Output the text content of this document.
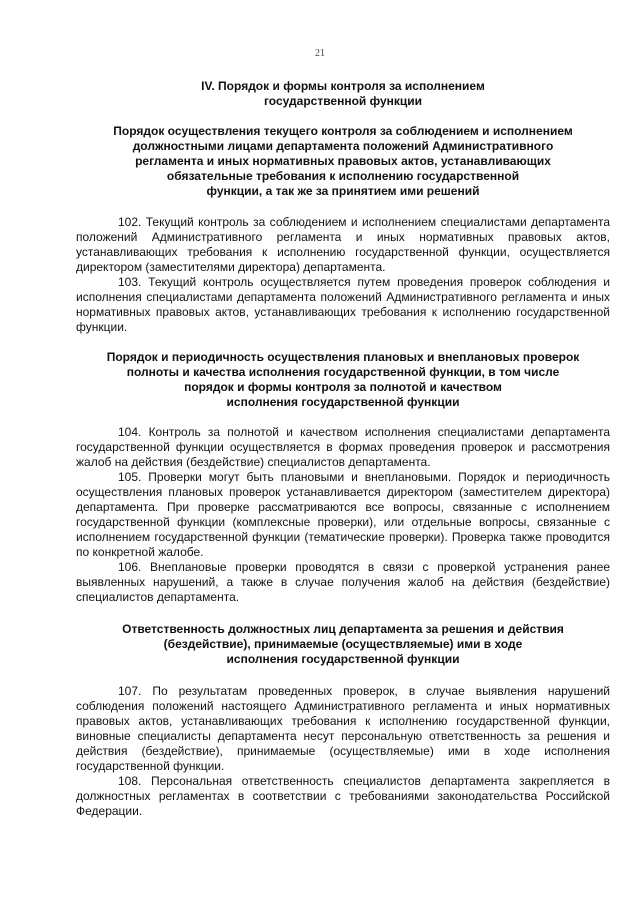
21
IV. Порядок и формы контроля за исполнением
государственной функции
Порядок осуществления текущего контроля за соблюдением и исполнением
должностными лицами департамента положений Административного
регламента и иных нормативных правовых актов, устанавливающих
обязательные требования к исполнению государственной
функции, а так же за принятием ими решений
102. Текущий контроль за соблюдением и исполнением специалистами департамента положений Административного регламента и иных нормативных правовых актов, устанавливающих требования к исполнению государственной функции, осуществляется директором (заместителями директора) департамента.
103. Текущий контроль осуществляется путем проведения проверок соблюдения и исполнения специалистами департамента положений Административного регламента и иных нормативных правовых актов, устанавливающих требования к исполнению государственной функции.
Порядок и периодичность осуществления плановых и внеплановых проверок
полноты и качества исполнения государственной функции, в том числе
порядок и формы контроля за полнотой и качеством
исполнения государственной функции
104. Контроль за полнотой и качеством исполнения специалистами департамента государственной функции осуществляется в формах проведения проверок и рассмотрения жалоб на действия (бездействие) специалистов департамента.
105. Проверки могут быть плановыми и внеплановыми. Порядок и периодичность осуществления плановых проверок устанавливается директором (заместителем директора) департамента. При проверке рассматриваются все вопросы, связанные с исполнением государственной функции (комплексные проверки), или отдельные вопросы, связанные с исполнением государственной функции (тематические проверки). Проверка также проводится по конкретной жалобе.
106. Внеплановые проверки проводятся в связи с проверкой устранения ранее выявленных нарушений, а также в случае получения жалоб на действия (бездействие) специалистов департамента.
Ответственность должностных лиц департамента за решения и действия
(бездействие), принимаемые (осуществляемые) ими в ходе
исполнения государственной функции
107. По результатам проведенных проверок, в случае выявления нарушений соблюдения положений настоящего Административного регламента и иных нормативных правовых актов, устанавливающих требования к исполнению государственной функции, виновные специалисты департамента несут персональную ответственность за решения и действия (бездействие), принимаемые (осуществляемые) ими в ходе исполнения государственной функции.
108. Персональная ответственность специалистов департамента закрепляется в должностных регламентах в соответствии с требованиями законодательства Российской Федерации.
